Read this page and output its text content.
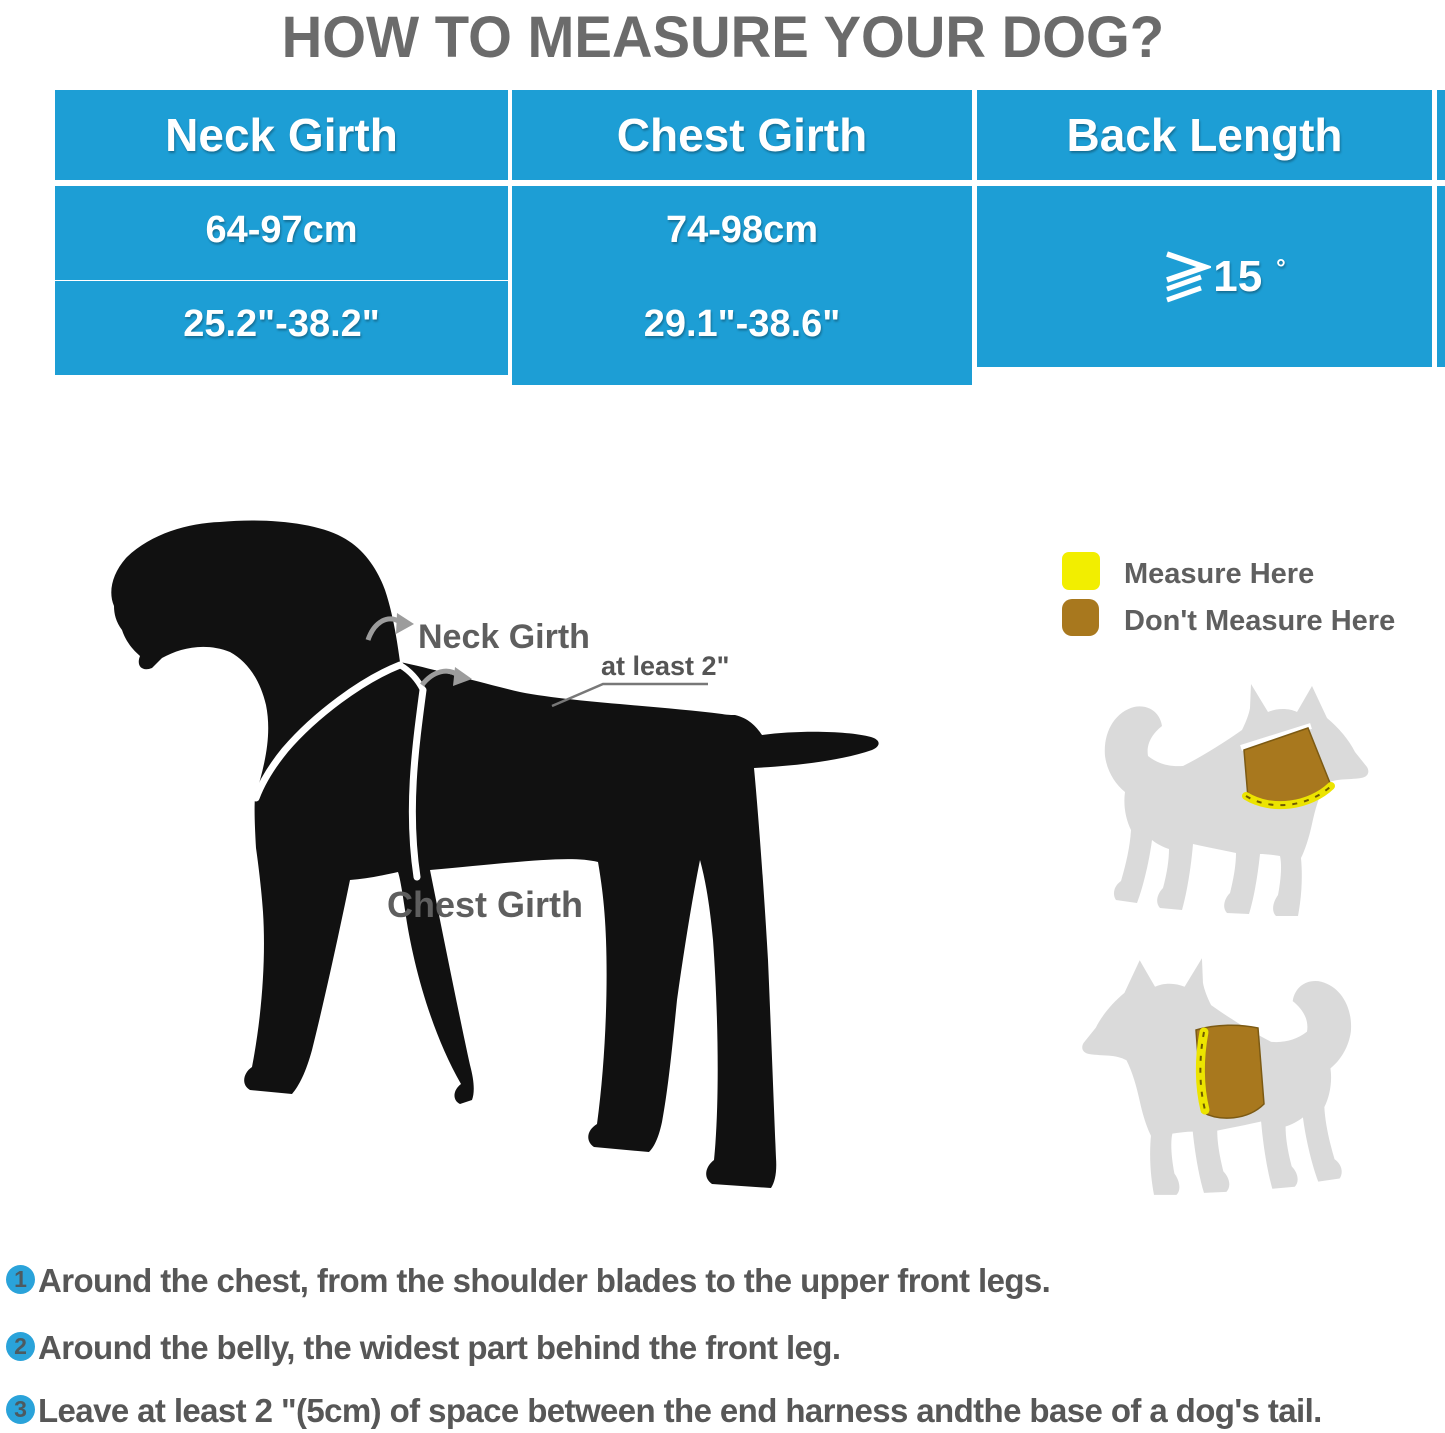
HOW TO MEASURE YOUR DOG?
Neck Girth	Chest Girth	Back Length
64-97cm	74-98cm
25.2"-38.2"	29.1"-38.6"
15 °
Neck Girth
at least 2"
Chest Girth
Measure Here
Don't Measure Here
1 Around the chest, from the shoulder blades to the upper front legs.
2 Around the belly, the widest part behind the front leg.
3 Leave at least 2 "(5cm) of space between the end harness andthe base of a dog's tail.
